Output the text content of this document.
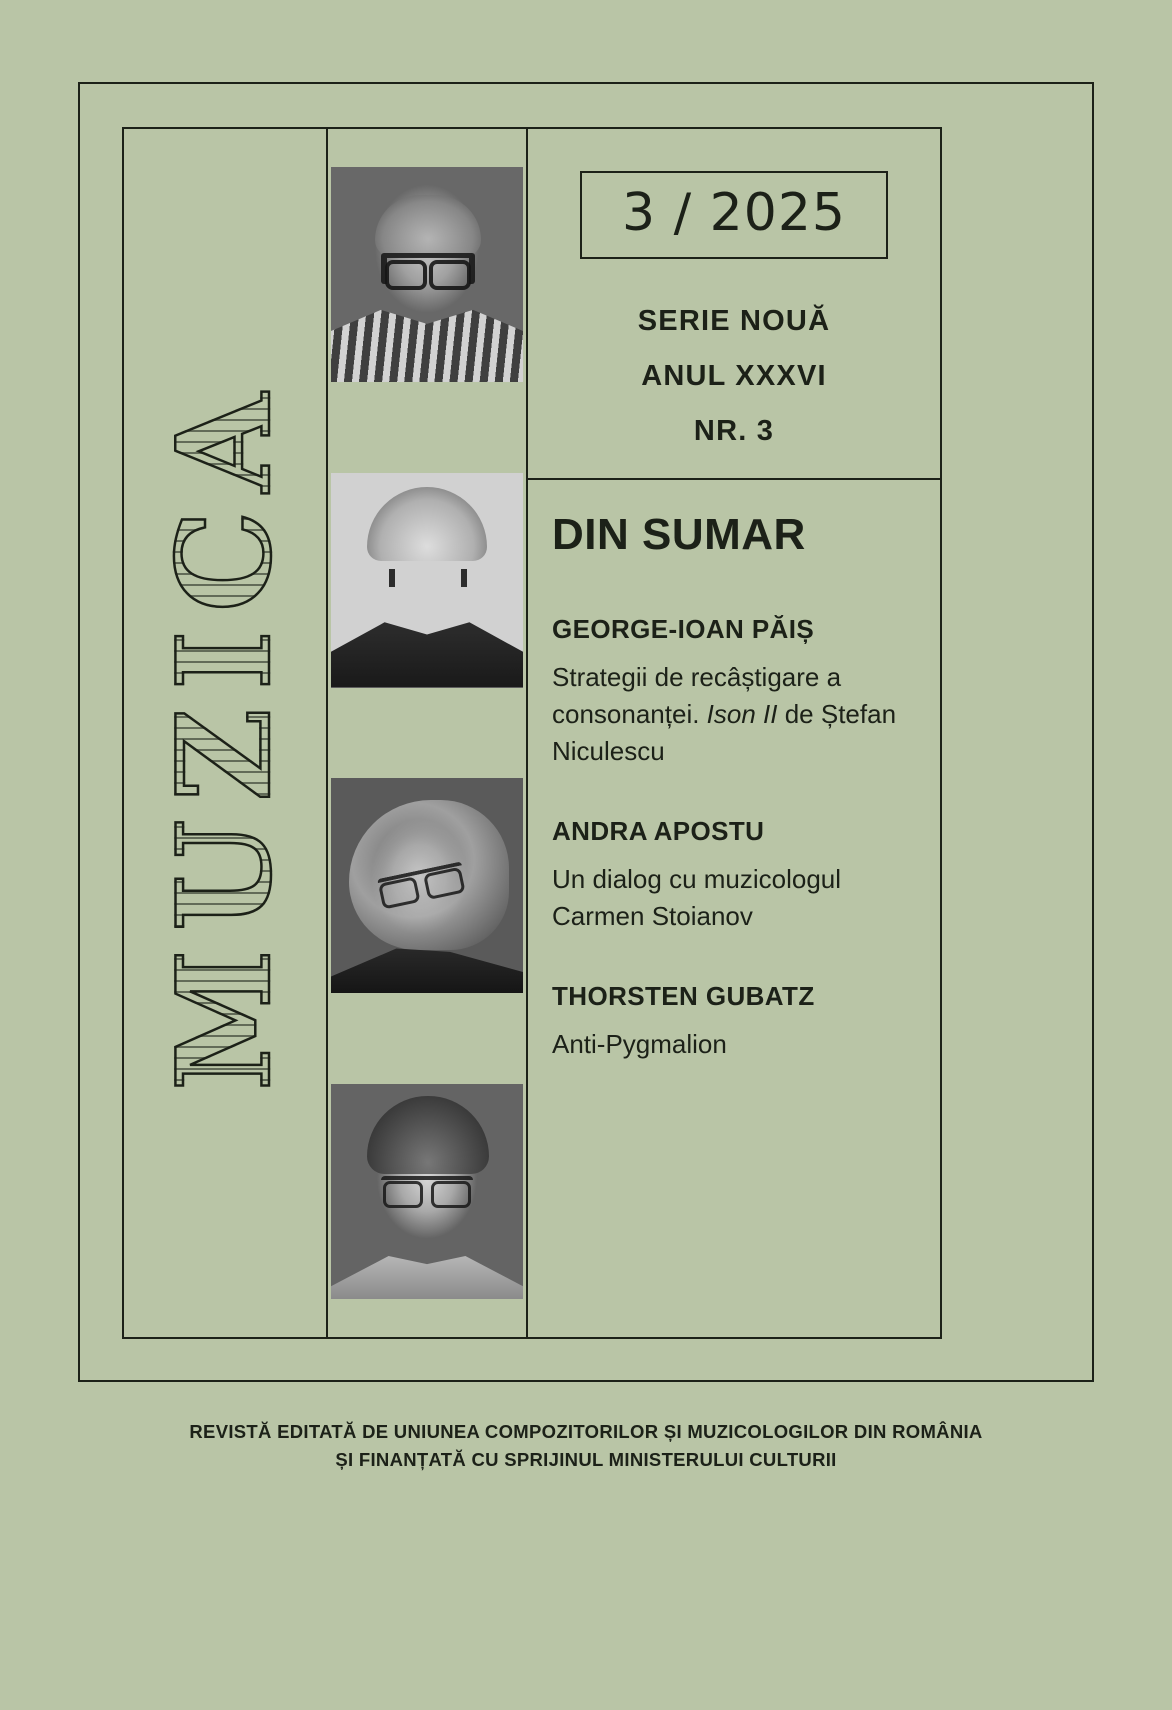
MUZICA
3 / 2025
SERIE NOUĂ
ANUL XXXVI
NR. 3
DIN SUMAR
GEORGE-IOAN PĂIȘ
Strategii de recâștigare a consonanței. Ison II de Ștefan Niculescu
ANDRA APOSTU
Un dialog cu muzicologul Carmen Stoianov
THORSTEN GUBATZ
Anti-Pygmalion
REVISTĂ EDITATĂ DE UNIUNEA COMPOZITORILOR ȘI MUZICOLOGILOR DIN ROMÂNIA
ȘI FINANȚATĂ CU SPRIJINUL MINISTERULUI CULTURII
